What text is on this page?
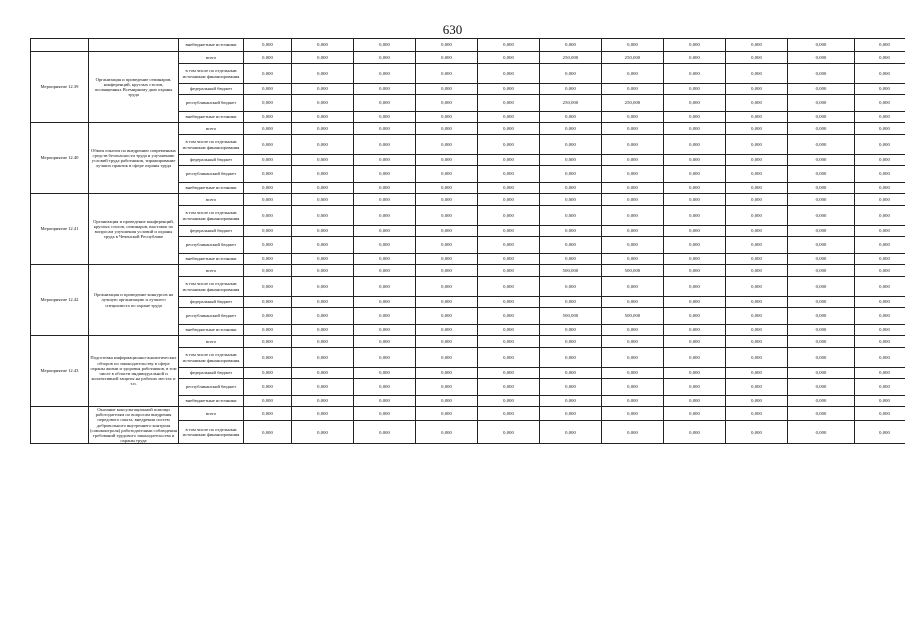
630
		внебюджетные источники	0,000	0,000	0,000	0,000	0,000	0,000	0,000	0,000	0,000	0,000	0,000	
Мероприятие 12.39	Организация и проведение семинаров, конференций, круглых столов, посвященных Всемирному дню охраны труда	всего	0,000	0,000	0,000	0,000	0,000	250,000	250,000	0,000	0,000	0,000	0,000	
		в том числе по отдельным источникам финансирования	0,000	0,000	0,000	0,000	0,000	0,000	0,000	0,000	0,000	0,000	0,000	
		федеральный бюджет	0,000	0,000	0,000	0,000	0,000	0,000	0,000	0,000	0,000	0,000	0,000	
		республиканский бюджет	0,000	0,000	0,000	0,000	0,000	250,000	250,000	0,000	0,000	0,000	0,000	
		внебюджетные источники	0,000	0,000	0,000	0,000	0,000	0,000	0,000	0,000	0,000	0,000	0,000	
Мероприятие 12.40	Обмен опытом по внедрению современных средств безопасности труда и улучшению условий труда работников, тиражирование лучших практик в сфере охраны труда	всего	0,000	0,000	0,000	0,000	0,000	0,000	0,000	0,000	0,000	0,000	0,000	
		в том числе по отдельным источникам финансирования	0,000	0,000	0,000	0,000	0,000	0,000	0,000	0,000	0,000	0,000	0,000	
		федеральный бюджет	0,000	0,000	0,000	0,000	0,000	0,000	0,000	0,000	0,000	0,000	0,000	
		республиканский бюджет	0,000	0,000	0,000	0,000	0,000	0,000	0,000	0,000	0,000	0,000	0,000	
		внебюджетные источники	0,000	0,000	0,000	0,000	0,000	0,000	0,000	0,000	0,000	0,000	0,000	
Мероприятие 12.41	Организация и проведение конференций, круглых столов, семинаров, выставок по вопросам улучшения условий и охраны труда в Чеченской Республике	всего	0,000	0,000	0,000	0,000	0,000	0,000	0,000	0,000	0,000	0,000	0,000	
		в том числе по отдельным источникам финансирования	0,000	0,000	0,000	0,000	0,000	0,000	0,000	0,000	0,000	0,000	0,000	
		федеральный бюджет	0,000	0,000	0,000	0,000	0,000	0,000	0,000	0,000	0,000	0,000	0,000	
		республиканский бюджет	0,000	0,000	0,000	0,000	0,000	0,000	0,000	0,000	0,000	0,000	0,000	
		внебюджетные источники	0,000	0,000	0,000	0,000	0,000	0,000	0,000	0,000	0,000	0,000	0,000	
Мероприятие 12.42	Организация и проведение конкурсов на лучшую организацию и лучшего специалиста по охране труда	всего	0,000	0,000	0,000	0,000	0,000	500,000	500,000	0,000	0,000	0,000	0,000	
		в том числе по отдельным источникам финансирования	0,000	0,000	0,000	0,000	0,000	0,000	0,000	0,000	0,000	0,000	0,000	
		федеральный бюджет	0,000	0,000	0,000	0,000	0,000	0,000	0,000	0,000	0,000	0,000	0,000	
		республиканский бюджет	0,000	0,000	0,000	0,000	0,000	500,000	500,000	0,000	0,000	0,000	0,000	
		внебюджетные источники	0,000	0,000	0,000	0,000	0,000	0,000	0,000	0,000	0,000	0,000	0,000	
Мероприятие 12.43	Подготовка информационно-аналитических обзоров по законодательству в сфере охраны жизни и здоровья работников, в том числе в области индивидуальной и коллективной защиты на рабочих местах и т.п.	всего	0,000	0,000	0,000	0,000	0,000	0,000	0,000	0,000	0,000	0,000	0,000	
		в том числе по отдельным источникам финансирования	0,000	0,000	0,000	0,000	0,000	0,000	0,000	0,000	0,000	0,000	0,000	
		федеральный бюджет	0,000	0,000	0,000	0,000	0,000	0,000	0,000	0,000	0,000	0,000	0,000	
		республиканский бюджет	0,000	0,000	0,000	0,000	0,000	0,000	0,000	0,000	0,000	0,000	0,000	
		внебюджетные источники	0,000	0,000	0,000	0,000	0,000	0,000	0,000	0,000	0,000	0,000	0,000	
	Оказание консультационной помощи работодателям по вопросам внедрения передового опыта, внедрения систем добровольного внутреннего контроля (самоконтроля) работодателями соблюдения требований трудового законодательства и охраны труда	всего	0,000	0,000	0,000	0,000	0,000	0,000	0,000	0,000	0,000	0,000	0,000	
		в том числе по отдельным источникам финансирования	0,000	0,000	0,000	0,000	0,000	0,000	0,000	0,000	0,000	0,000	0,000	
